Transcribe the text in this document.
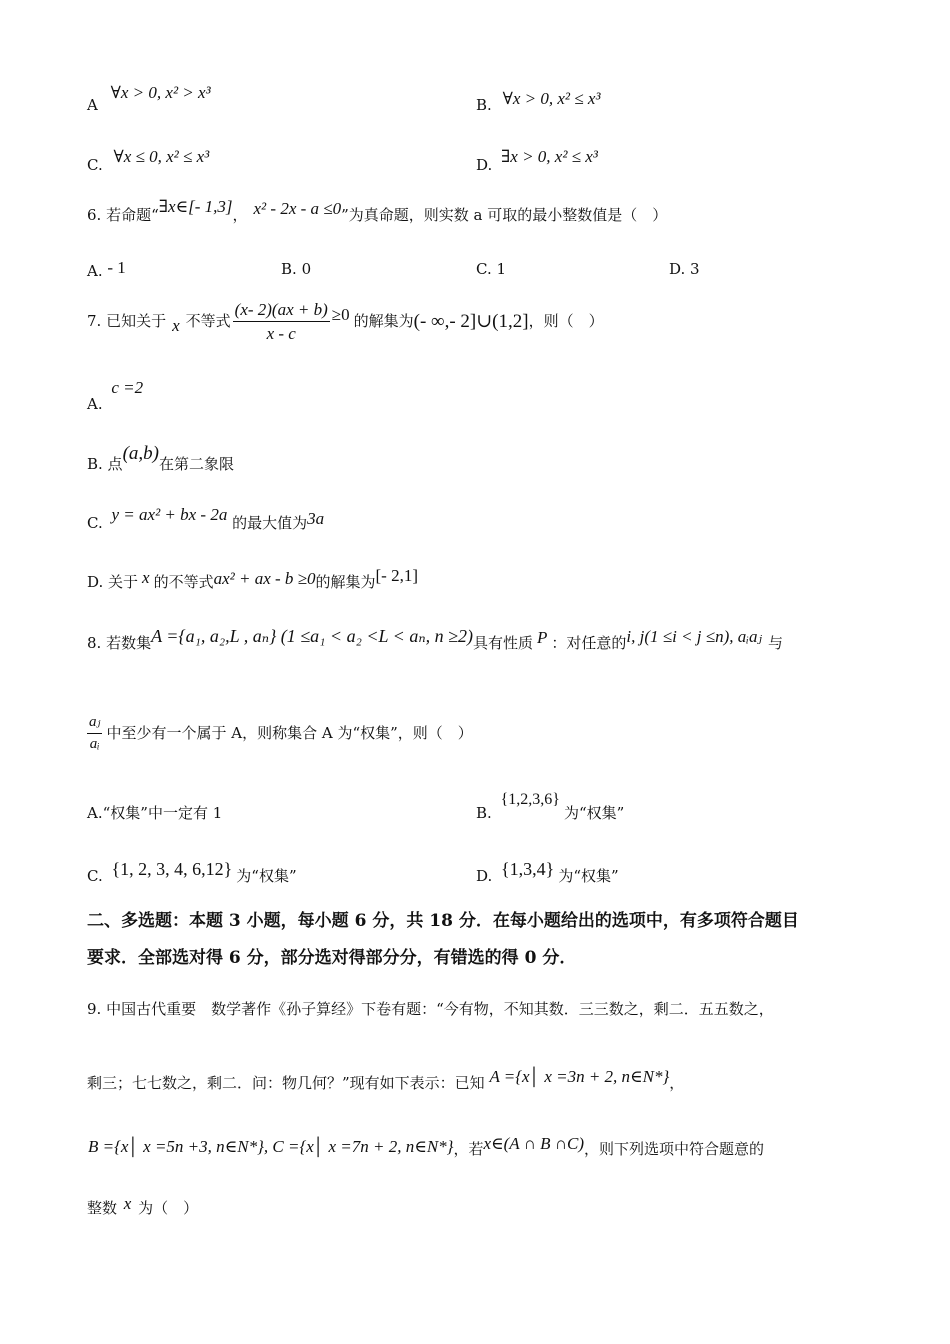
A ∀x > 0, x² > x³
B. ∀x > 0, x² ≤ x³
C. ∀x ≤ 0, x² ≤ x³	D. ∃x > 0, x² ≤ x³
6. 若命题“∃x∈[- 1,3]， x² - 2x - a ≤0”为真命题，则实数 a 可取的最小整数值是（　）
A. - 1	B. 0	C. 1	D. 3
7. 已知关于 x 不等式 $\frac{(x- 2)(ax + b)}{x - c} \ge 0$ 的解集为 (- ∞,- 2]∪(1,2] ，则（　）
A. c =2
B. 点(a,b)在第二象限
C. y = ax² + bx - 2a 的最大值为3a
D. 关于 x 的不等式ax² + ax - b ≥0的解集为[- 2,1]
8. 若数集A ={a₁, a₂,L , aₙ} (1 ≤a₁ < a₂ <L < aₙ, n ≥2)具有性质 P ：对任意的i, j(1 ≤i < j ≤n), aᵢaⱼ 与
$\frac{\text{aⱼ}}{\text{aᵢ}}$ 中至少有一个属于 A，则称集合 A 为“权集”，则（　）
A.“权集”中一定有 1	B. {1,2,3,6}为“权集”
C. {1, 2, 3, 4, 6,12} 为“权集”	D. {1,3,4} 为“权集”
二、多选题：本题 3 小题，每小题 6 分，共 18 分．在每小题给出的选项中，有多项符合题目
要求．全部选对得 6 分，部分选对得部分分，有错选的得 0 分．
9. 中国古代重要　数学著作《孙子算经》下卷有题：“今有物，不知其数．三三数之，剩二．五五数之，
剩三；七七数之，剩二．问：物几何？”现有如下表示：已知 A ={x│ x =3n + 2, n∈N*}，
B ={x│ x =5n +3, n∈N*}, C ={x│ x =7n + 2, n∈N*}，若x∈(A ∩ B ∩C)，则下列选项中符合题意的
整数 x 为（　）
